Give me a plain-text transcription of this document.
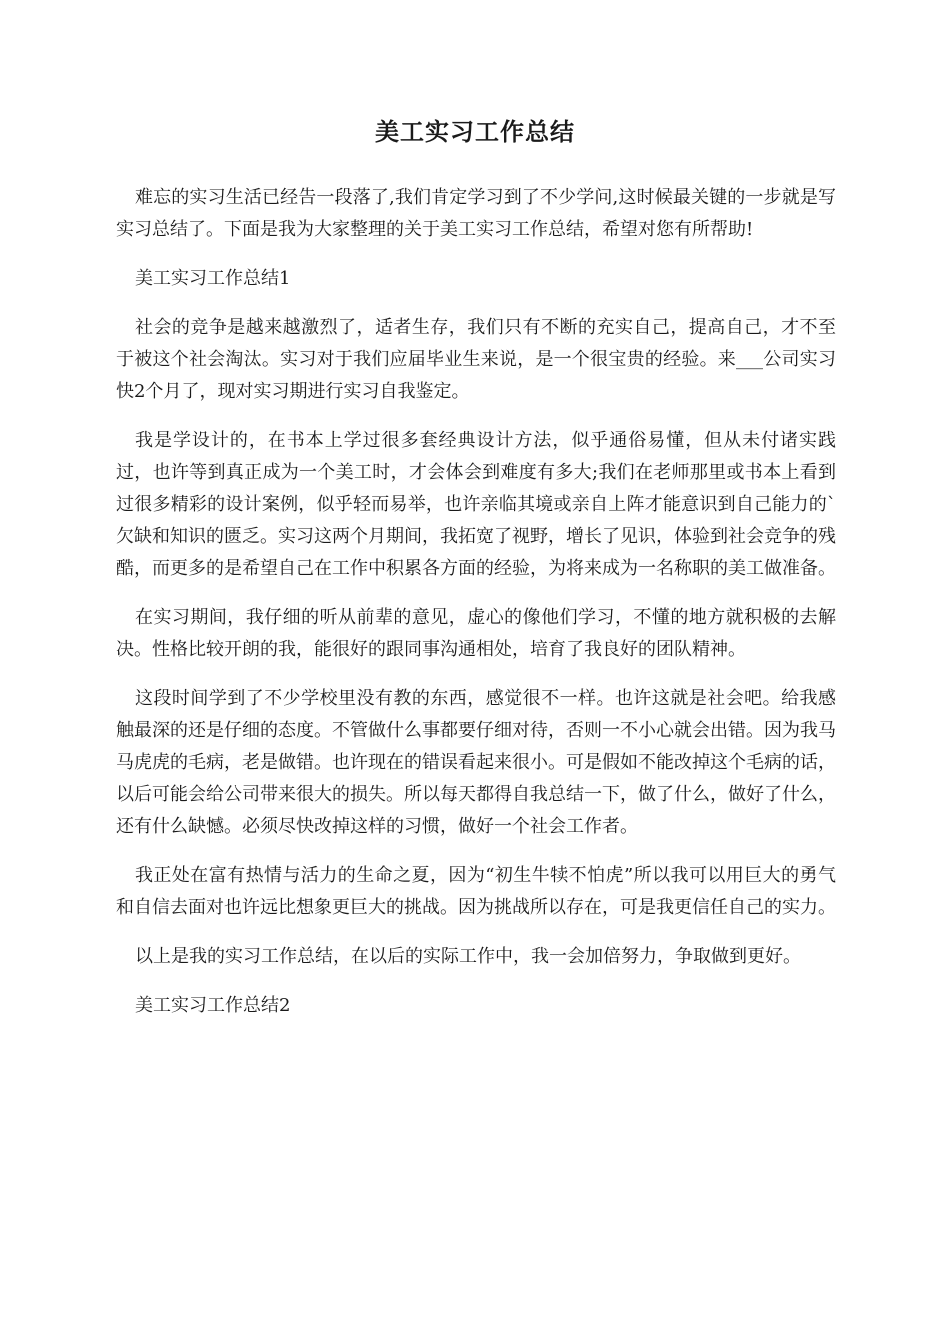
美工实习工作总结

难忘的实习生活已经告一段落了,我们肯定学习到了不少学问,这时候最关键的一步就是写实习总结了。下面是我为大家整理的关于美工实习工作总结，希望对您有所帮助!

美工实习工作总结1

社会的竞争是越来越激烈了，适者生存，我们只有不断的充实自己，提高自己，才不至于被这个社会淘汰。实习对于我们应届毕业生来说，是一个很宝贵的经验。来___公司实习快2个月了，现对实习期进行实习自我鉴定。

我是学设计的，在书本上学过很多套经典设计方法，似乎通俗易懂，但从未付诸实践过，也许等到真正成为一个美工时，才会体会到难度有多大;我们在老师那里或书本上看到过很多精彩的设计案例，似乎轻而易举，也许亲临其境或亲自上阵才能意识到自己能力的`欠缺和知识的匮乏。实习这两个月期间，我拓宽了视野，增长了见识，体验到社会竞争的残酷，而更多的是希望自己在工作中积累各方面的经验，为将来成为一名称职的美工做准备。

在实习期间，我仔细的听从前辈的意见，虚心的像他们学习，不懂的地方就积极的去解决。性格比较开朗的我，能很好的跟同事沟通相处，培育了我良好的团队精神。

这段时间学到了不少学校里没有教的东西，感觉很不一样。也许这就是社会吧。给我感触最深的还是仔细的态度。不管做什么事都要仔细对待，否则一不小心就会出错。因为我马马虎虎的毛病，老是做错。也许现在的错误看起来很小。可是假如不能改掉这个毛病的话，以后可能会给公司带来很大的损失。所以每天都得自我总结一下，做了什么，做好了什么，还有什么缺憾。必须尽快改掉这样的习惯，做好一个社会工作者。

我正处在富有热情与活力的生命之夏，因为“初生牛犊不怕虎”所以我可以用巨大的勇气和自信去面对也许远比想象更巨大的挑战。因为挑战所以存在，可是我更信任自己的实力。

以上是我的实习工作总结，在以后的实际工作中，我一会加倍努力，争取做到更好。

美工实习工作总结2
